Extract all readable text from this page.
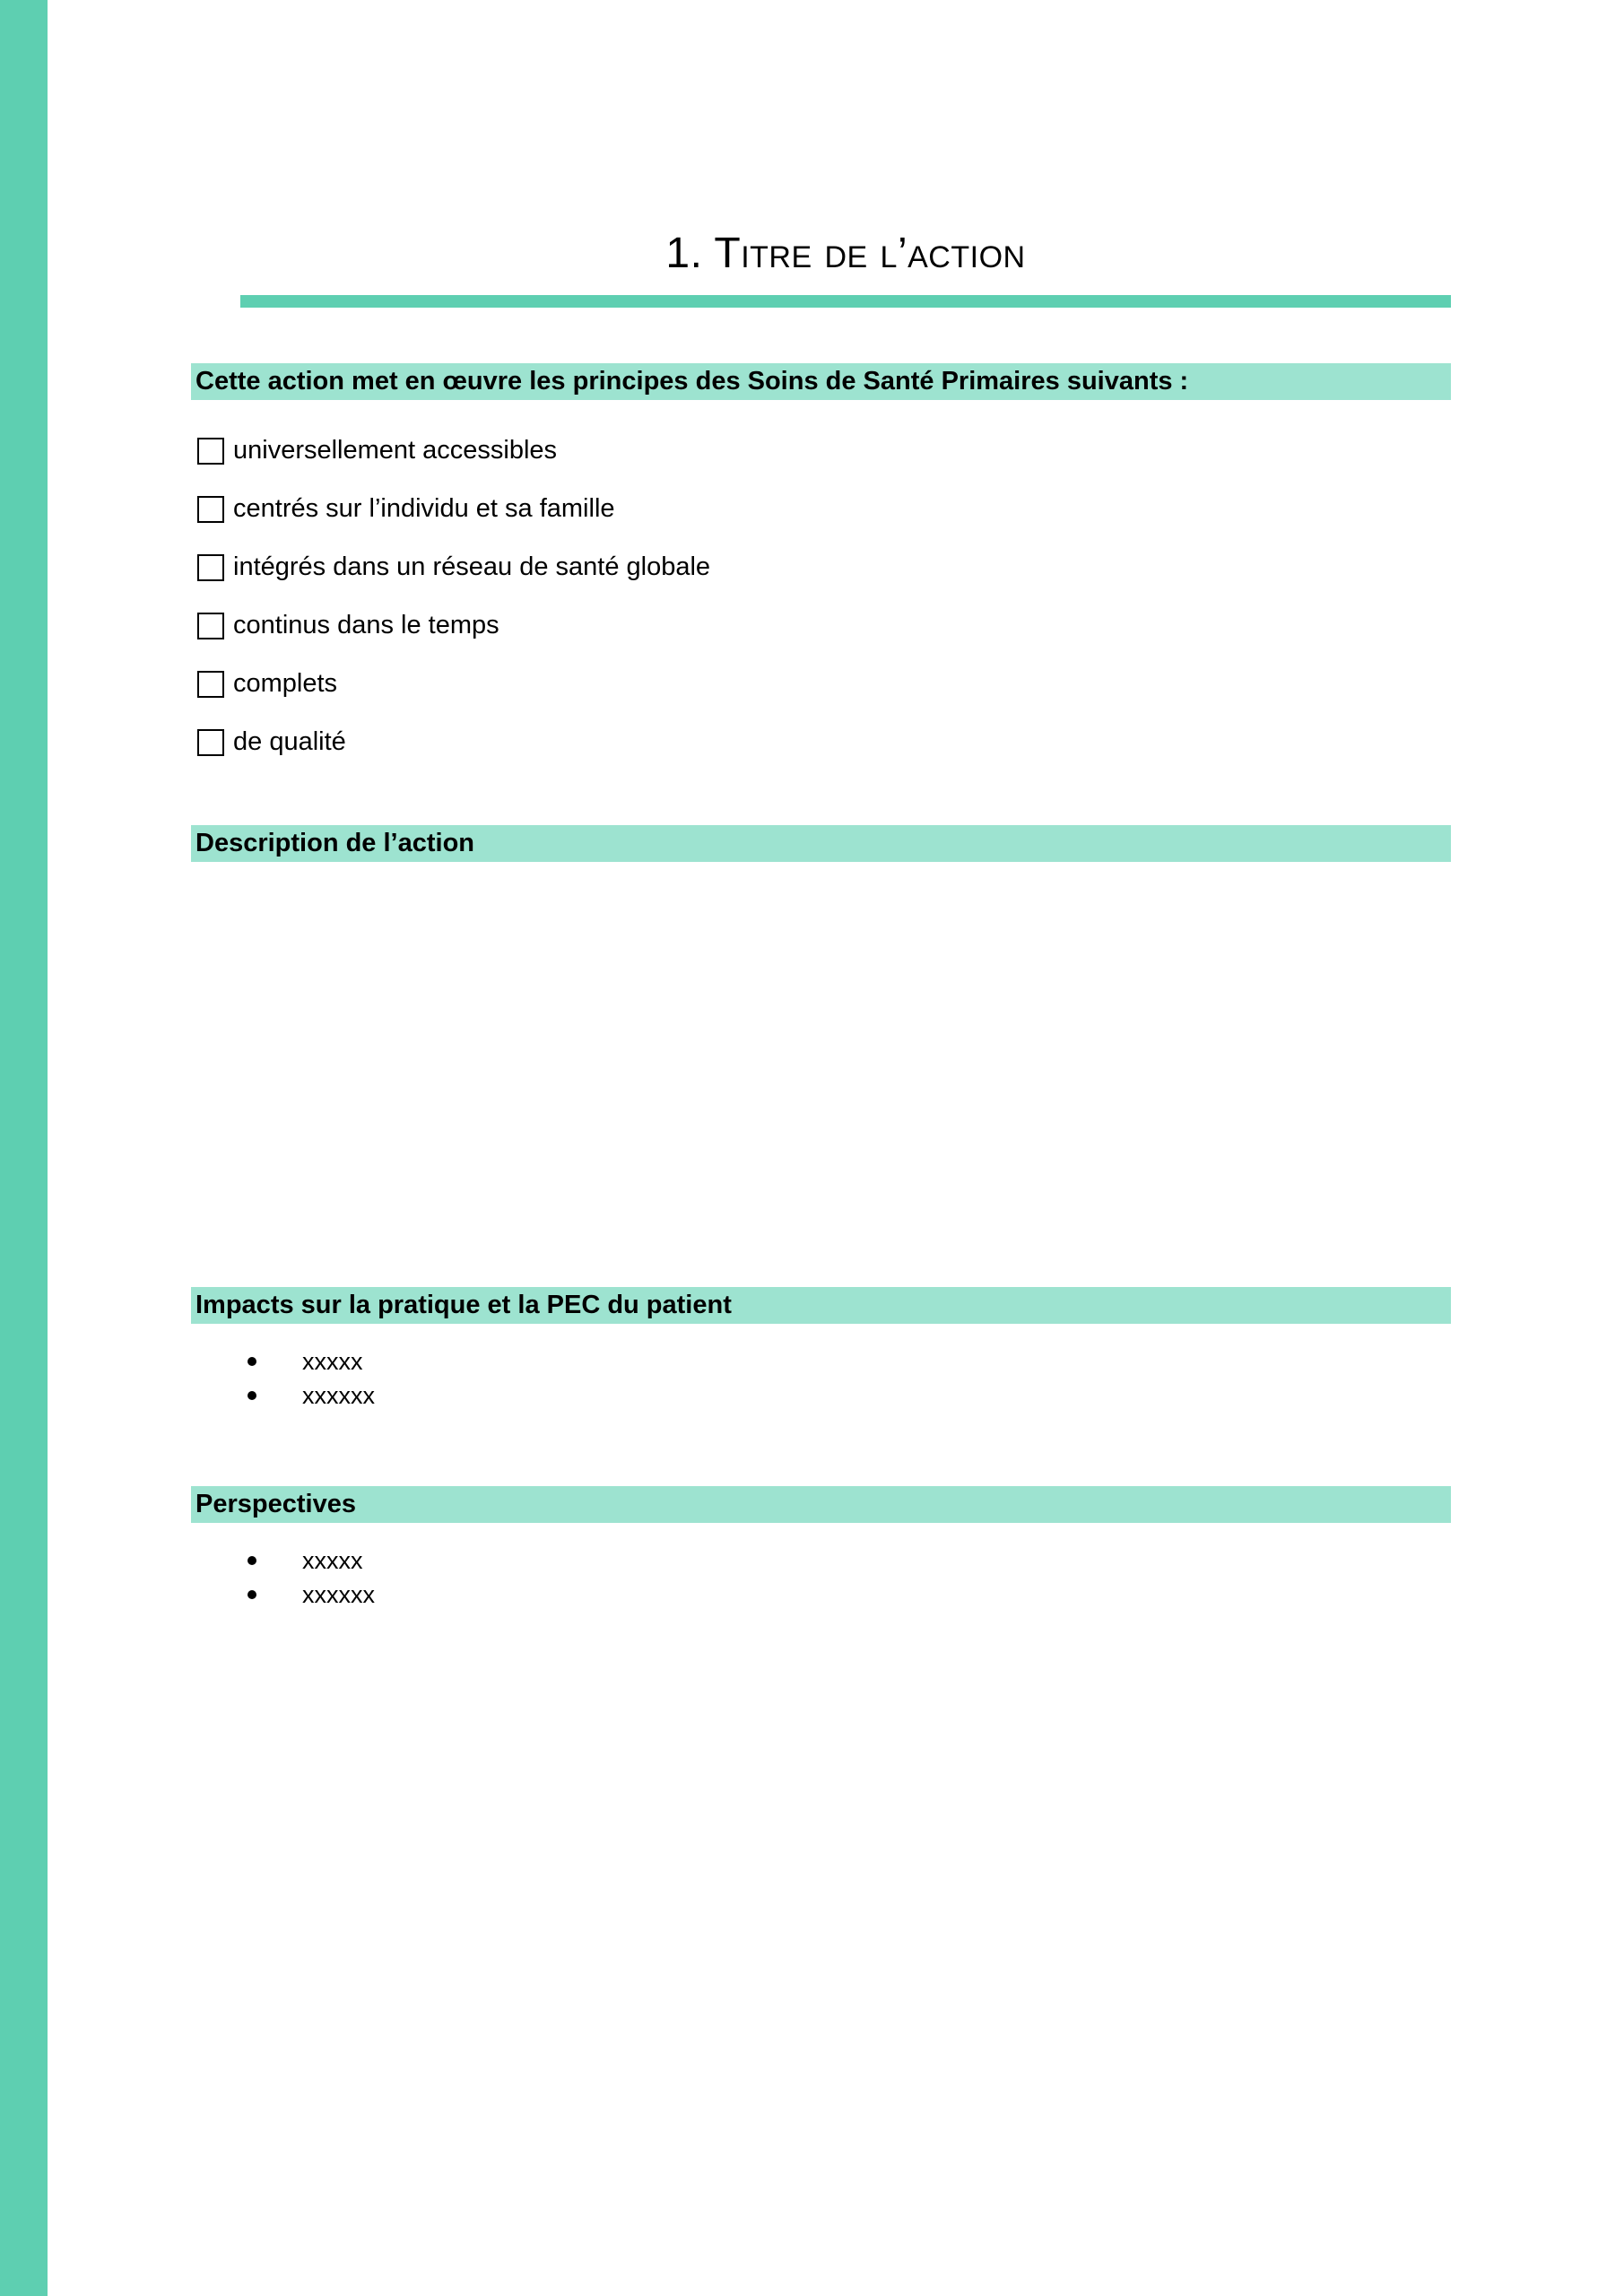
1. Titre de l’action
Cette action met en œuvre les principes des Soins de Santé Primaires suivants :
universellement accessibles
centrés sur l’individu et sa famille
intégrés dans un réseau de santé globale
continus dans le temps
complets
de qualité
Description de l’action
Impacts sur la pratique et la PEC du patient
xxxxx
xxxxxx
Perspectives
xxxxx
xxxxxx
